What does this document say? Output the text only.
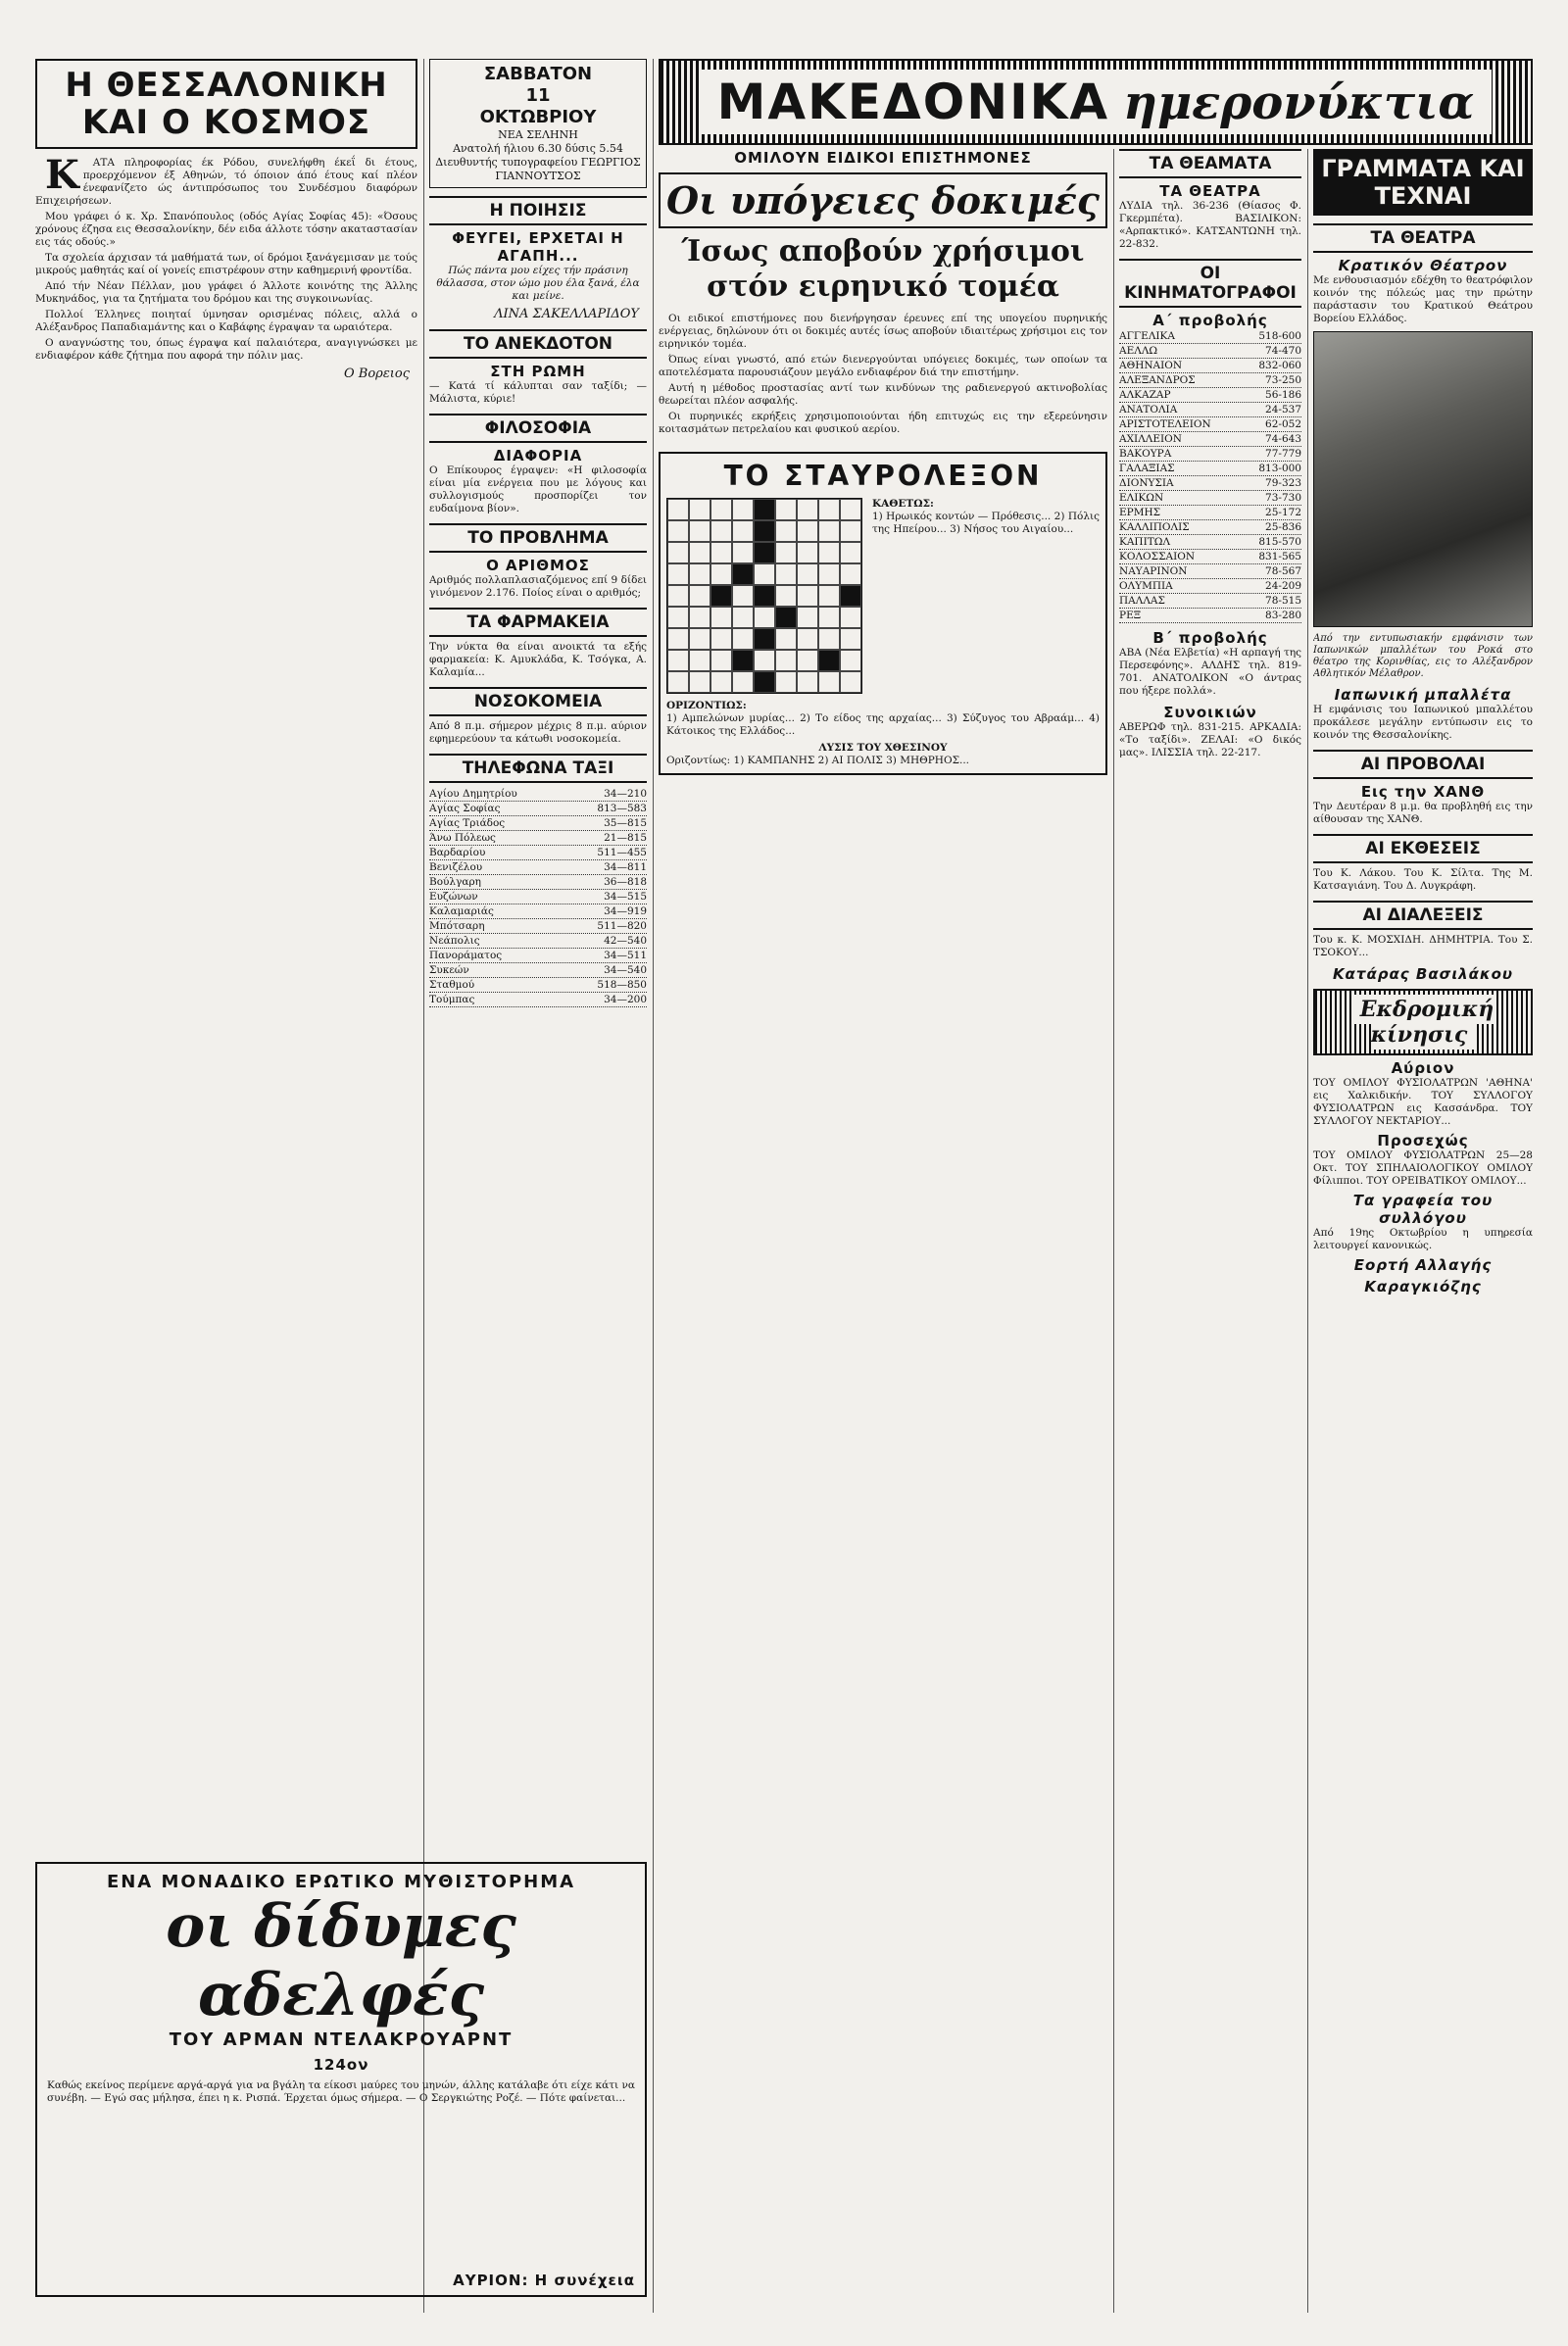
Η ΘΕΣΣΑΛΟΝΙΚΗ ΚΑΙ Ο ΚΟΣΜΟΣ

Κ ΑΤΑ πληροφορίας έκ Ρόδου, συνελήφθη έκεΐ δι έτους, προερχόμενον έξ Αθηνών, τό όποιον άπό έτους καί πλέον ένεφανίζετο ώς άντιπρόσωπος του Συνδέσμου διαφόρων Επιχειρήσεων.

Μου γράφει ό κ. Χρ. Σπανόπουλος (οδός Αγίας Σοφίας 45): «Όσους χρόνους έζησα εις Θεσσαλονίκην, δέν ειδα άλλοτε τόσην ακαταστασίαν εις τάς οδούς.»

Τα σχολεία άρχισαν τά μαθήματά των, οί δρόμοι ξανάγεμισαν με τούς μικρούς μαθητάς καί οί γονείς επιστρέφουν στην καθημερινή φροντίδα.

Από τήν Νέαν Πέλλαν, μου γράφει ό Άλλοτε κοινότης της Άλλης Μυκηνάδος, για τα ζητήματα του δρόμου και της συγκοινωνίας.

Πολλοί Έλληνες ποιηταί ύμνησαν ορισμένας πόλεις, αλλά ο Αλέξανδρος Παπαδιαμάντης και ο Καβάφης έγραψαν τα ωραιότερα.

Ο αναγνώστης του, όπως έγραψα καί παλαιότερα, αναγιγνώσκει με ενδιαφέρον κάθε ζήτημα που αφορά την πόλιν μας.

Ο Βορειος
ΣΑΒΒΑΤΟΝ
11
ΟΚΤΩΒΡΙΟΥ
ΝΕΑ ΣΕΛΗΝΗ
Ανατολή ήλιου 6.30 δύσις 5.54
Διευθυντής τυπογραφείου ΓΕΩΡΓΙΟΣ ΓΙΑΝΝΟΥΤΣΟΣ
Η ΠΟΙΗΣΙΣ
ΦΕΥΓΕΙ, ΕΡΧΕΤΑΙ Η ΑΓΑΠΗ...
Πώς πάντα μου είχες τήν πράσινη θάλασσα, στον ώμο μου έλα ξανά, έλα και μείνε.
ΛΙΝΑ ΣΑΚΕΛΛΑΡΙΔΟΥ
ΤΟ ΑΝΕΚΔΟΤΟΝ
ΣΤΗ ΡΩΜΗ
— Κατά τί κάλυπται σαν ταξίδι; — Μάλιστα, κύριε!
ΦΙΛΟΣΟΦΙΑ
ΔΙΑΦΟΡΙΑ
Ο Επίκουρος έγραψεν: «Η φιλοσοφία είναι μία ενέργεια που με λόγους και συλλογισμούς προσπορίζει τον ευδαίμονα βίον».
ΤΟ ΠΡΟΒΛΗΜΑ
Ο ΑΡΙΘΜΟΣ
Αριθμός πολλαπλασιαζόμενος επί 9 δίδει γινόμενον 2.176. Ποίος είναι ο αριθμός;
ΤΑ ΦΑΡΜΑΚΕΙΑ
Την νύκτα θα είναι ανοικτά τα εξής φαρμακεία: Κ. Αμυκλάδα, Κ. Τσόγκα, Α. Καλαμία...
ΝΟΣΟΚΟΜΕΙΑ
Από 8 π.μ. σήμερον μέχρις 8 π.μ. αύριον εφημερεύουν τα κάτωθι νοσοκομεία.
ΤΗΛΕΦΩΝΑ ΤΑΞΙ
Αγίου Δημητρίου	34—210
Αγίας Σοφίας	813—583
Αγίας Τριάδος	35—815
Άνω Πόλεως	21—815
Βαρδαρίου	511—455
Βενιζέλου	34—811
Βούλγαρη	36—818
Ευζώνων	34—515
Καλαμαριάς	34—919
Μπότσαρη	511—820
Νεάπολις	42—540
Πανοράματος	34—511
Συκεών	34—540
Σταθμού	518—850
Τούμπας	34—200
ΜΑΚΕΔΟΝΙΚΑ ημερονύκτια
ΟΜΙΛΟΥΝ ΕΙΔΙΚΟΙ ΕΠΙΣΤΗΜΟΝΕΣ
Οι υπόγειες δοκιμές
Ίσως αποβούν χρήσιμοι στόν ειρηνικό τομέα

Οι ειδικοί επιστήμονες που διενήργησαν έρευνες επί της υπογείου πυρηνικής ενέργειας, δηλώνουν ότι οι δοκιμές αυτές ίσως αποβούν ιδιαιτέρως χρήσιμοι εις τον ειρηνικόν τομέα.

Όπως είναι γνωστό, από ετών διενεργούνται υπόγειες δοκιμές, των οποίων τα αποτελέσματα παρουσιάζουν μεγάλο ενδιαφέρον διά την επιστήμην.

Αυτή η μέθοδος προστασίας αντί των κινδύνων της ραδιενεργού ακτινοβολίας θεωρείται πλέον ασφαλής.

Οι πυρηνικές εκρήξεις χρησιμοποιούνται ήδη επιτυχώς εις την εξερεύνησιν κοιτασμάτων πετρελαίου και φυσικού αερίου.

ΤΟ ΣΤΑΥΡΟΛΕΞΟΝ
ΚΑΘΕΤΩΣ:
1) Ηρωικός κοντών — Πρόθεσις... 2) Πόλις της Ηπείρου... 3) Νήσος του Αιγαίου...
ΟΡΙΖΟΝΤΙΩΣ:
1) Αμπελώνων μυρίας... 2) Το είδος της αρχαίας... 3) Σύζυγος του Αβραάμ... 4) Κάτοικος της Ελλάδος...
ΛΥΣΙΣ ΤΟΥ ΧΘΕΣΙΝΟΥ
Οριζοντίως: 1) ΚΑΜΠΑΝΗΣ 2) ΑΙ ΠΟΛΙΣ 3) ΜΗΘΡΗΟΣ...
ΤΑ ΘΕΑΜΑΤΑ
ΤΑ ΘΕΑΤΡΑ
ΛΥΔΙΑ τηλ. 36-236 (Θίασος Φ. Γκερμπέτα). ΒΑΣΙΛΙΚΟΝ: «Αρπακτικό». ΚΑΤΣΑΝΤΩΝΗ τηλ. 22-832.
ΟΙ ΚΙΝΗΜΑΤΟΓΡΑΦΟΙ
Α΄ προβολής
ΑΓΓΕΛΙΚΑ	518-600
ΑΕΛΛΩ	74-470
ΑΘΗΝΑΙΟΝ	832-060
ΑΛΕΞΑΝΔΡΟΣ	73-250
ΑΛΚΑΖΑΡ	56-186
ΑΝΑΤΟΛΙΑ	24-537
ΑΡΙΣΤΟΤΕΛΕΙΟΝ	62-052
ΑΧΙΛΛΕΙΟΝ	74-643
ΒΑΚΟΥΡΑ	77-779
ΓΑΛΑΞΙΑΣ	813-000
ΔΙΟΝΥΣΙΑ	79-323
ΕΛΙΚΩΝ	73-730
ΕΡΜΗΣ	25-172
ΚΑΛΛΙΠΟΛΙΣ	25-836
ΚΑΠΙΤΩΛ	815-570
ΚΟΛΟΣΣΑΙΟΝ	831-565
ΝΑΥΑΡΙΝΟΝ	78-567
ΟΛΥΜΠΙΑ	24-209
ΠΑΛΛΑΣ	78-515
ΡΕΞ	83-280
Β΄ προβολής
ΑΒΑ (Νέα Ελβετία) «Η αρπαγή της Περσεφόνης». ΑΛΔΗΣ τηλ. 819-701. ΑΝΑΤΟΛΙΚΟΝ «Ο άντρας που ήξερε πολλά».
Συνοικιών
ΑΒΕΡΩΦ τηλ. 831-215. ΑΡΚΑΔΙΑ: «Το ταξίδι». ΖΕΛΑΙ: «Ο δικός μας». ΙΛΙΣΣΙΑ τηλ. 22-217.
ΓΡΑΜΜΑΤΑ ΚΑΙ ΤΕΧΝΑΙ
ΤΑ ΘΕΑΤΡΑ
Κρατικόν Θέατρον
Με ενθουσιασμόν εδέχθη το θεατρόφιλον κοινόν της πόλεώς μας την πρώτην παράστασιν του Κρατικού Θεάτρου Βορείου Ελλάδος.
Από την εντυπωσιακήν εμφάνισιν των Ιαπωνικών μπαλλέτων του Ροκά στο θέατρο της Κορινθίας, εις το Αλέξανδρον Αθλητικόν Μέλαθρον.
Ιαπωνική μπαλλέτα
Η εμφάνισις του Ιαπωνικού μπαλλέτου προκάλεσε μεγάλην εντύπωσιν εις το κοινόν της Θεσσαλονίκης.
ΑΙ ΠΡΟΒΟΛΑΙ
Εις την ΧΑΝΘ
Την Δευτέραν 8 μ.μ. θα προβληθή εις την αίθουσαν της ΧΑΝΘ.
ΑΙ ΕΚΘΕΣΕΙΣ
Του Κ. Λάκου. Του Κ. Σίλτα. Της Μ. Κατσαγιάνη. Του Δ. Λυγκράφη.
ΑΙ ΔΙΑΛΕΞΕΙΣ
Του κ. Κ. ΜΟΣΧΙΔΗ. ΔΗΜΗΤΡΙΑ. Του Σ. ΤΣΟΚΟΥ...
Κατάρας Βασιλάκου
Εκδρομική κίνησις
Αύριον
ΤΟΥ ΟΜΙΛΟΥ ΦΥΣΙΟΛΑΤΡΩΝ 'ΑΘΗΝΑ' εις Χαλκιδικήν. ΤΟΥ ΣΥΛΛΟΓΟΥ ΦΥΣΙΟΛΑΤΡΩΝ εις Κασσάνδρα. ΤΟΥ ΣΥΛΛΟΓΟΥ ΝΕΚΤΑΡΙΟΥ...
Προσεχώς
ΤΟΥ ΟΜΙΛΟΥ ΦΥΣΙΟΛΑΤΡΩΝ 25—28 Οκτ. ΤΟΥ ΣΠΗΛΑΙΟΛΟΓΙΚΟΥ ΟΜΙΛΟΥ Φίλιπποι. ΤΟΥ ΟΡΕΙΒΑΤΙΚΟΥ ΟΜΙΛΟΥ...
Τα γραφεία του συλλόγου
Από 19ης Οκτωβρίου η υπηρεσία λειτουργεί κανονικώς.
Εορτή Αλλαγής
Καραγκιόζης
ΕΝΑ ΜΟΝΑΔΙΚΟ ΕΡΩΤΙΚΟ ΜΥΘΙΣΤΟΡΗΜΑ
οι δίδυμες αδελφές
ΤΟΥ ΑΡΜΑΝ ΝΤΕΛΑΚΡΟΥΑΡΝΤ
124ον
Καθώς εκείνος περίμενε αργά-αργά για να βγάλη τα είκοσι μαύρες του μηνών, άλλης κατάλαβε ότι είχε κάτι να συνέβη. — Εγώ σας μήλησα, έπει η κ. Ρισπά. Έρχεται όμως σήμερα. — Ο Σεργκιώτης Ροζέ. — Πότε φαίνεται...
ΑΥΡΙΟΝ: Η συνέχεια
